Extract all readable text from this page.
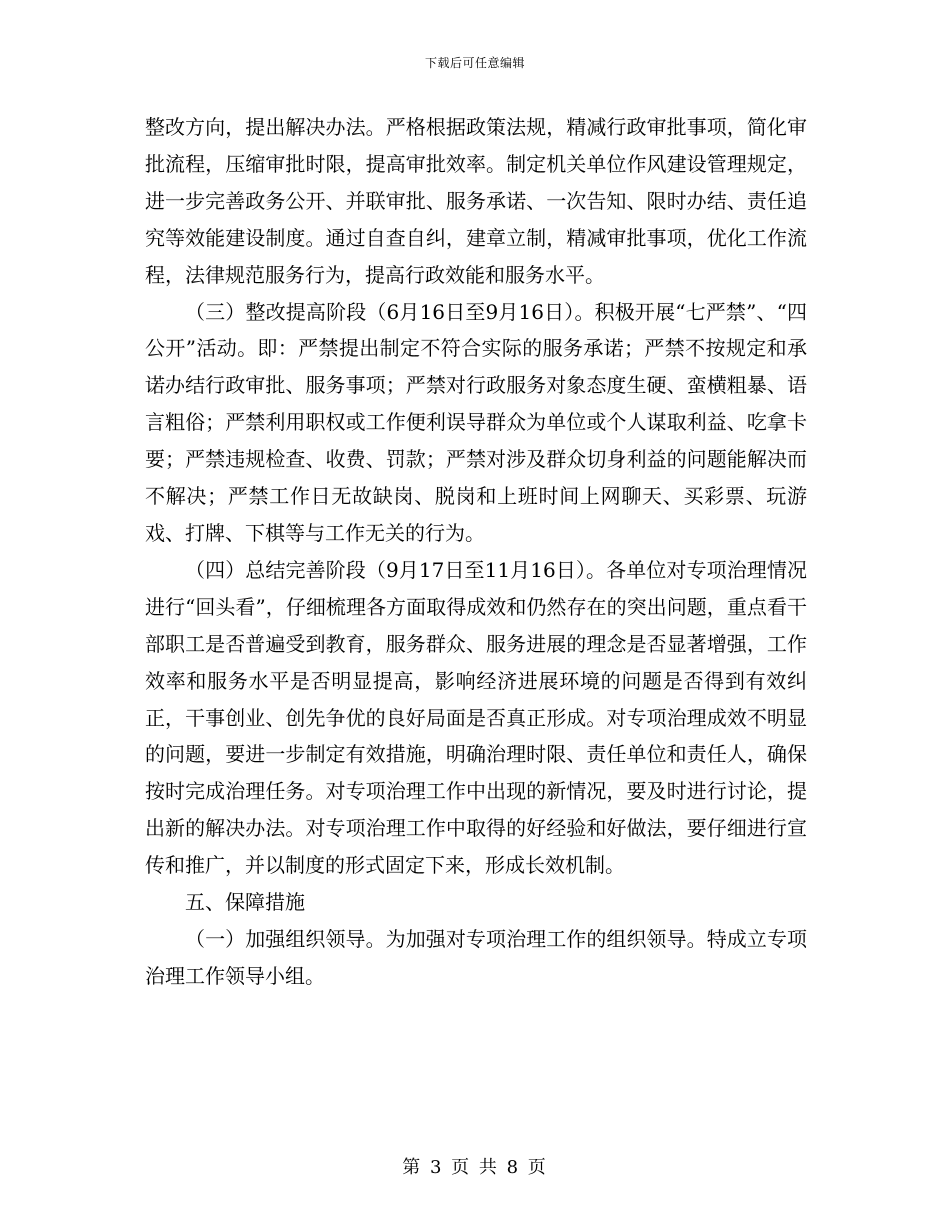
下载后可任意编辑

整改方向，提出解决办法。严格根据政策法规，精减行政审批事项，简化审批流程，压缩审批时限，提高审批效率。制定机关单位作风建设管理规定，进一步完善政务公开、并联审批、服务承诺、一次告知、限时办结、责任追究等效能建设制度。通过自查自纠，建章立制，精减审批事项，优化工作流程，法律规范服务行为，提高行政效能和服务水平。

（三）整改提高阶段（6月16日至9月16日）。积极开展“七严禁”、“四公开”活动。即：严禁提出制定不符合实际的服务承诺；严禁不按规定和承诺办结行政审批、服务事项；严禁对行政服务对象态度生硬、蛮横粗暴、语言粗俗；严禁利用职权或工作便利误导群众为单位或个人谋取利益、吃拿卡要；严禁违规检查、收费、罚款；严禁对涉及群众切身利益的问题能解决而不解决；严禁工作日无故缺岗、脱岗和上班时间上网聊天、买彩票、玩游戏、打牌、下棋等与工作无关的行为。

（四）总结完善阶段（9月17日至11月16日）。各单位对专项治理情况进行“回头看”，仔细梳理各方面取得成效和仍然存在的突出问题，重点看干部职工是否普遍受到教育，服务群众、服务进展的理念是否显著增强，工作效率和服务水平是否明显提高，影响经济进展环境的问题是否得到有效纠正，干事创业、创先争优的良好局面是否真正形成。对专项治理成效不明显的问题，要进一步制定有效措施，明确治理时限、责任单位和责任人，确保按时完成治理任务。对专项治理工作中出现的新情况，要及时进行讨论，提出新的解决办法。对专项治理工作中取得的好经验和好做法，要仔细进行宣传和推广，并以制度的形式固定下来，形成长效机制。

五、保障措施

（一）加强组织领导。为加强对专项治理工作的组织领导。特成立专项治理工作领导小组。

第 3 页 共 8 页
